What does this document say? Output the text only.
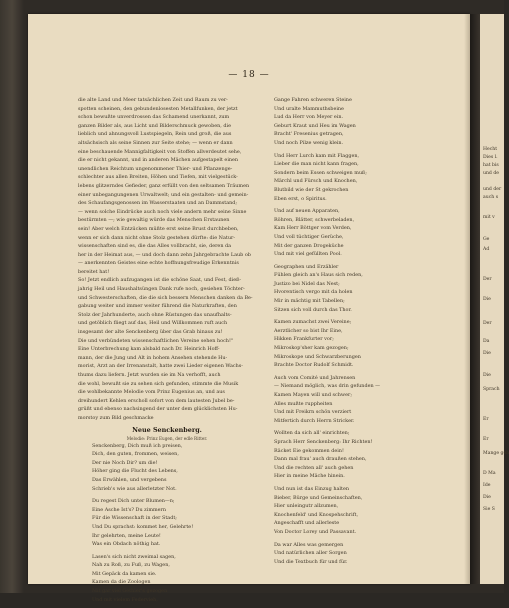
— 18 —
die alte Land und Meer tatsächlichen Zeit und Raum zu ver-
spotten scheinen, den gebundenlosesten Metallfunken, der jetzt
schon bewußte unverdrossen das Schamend unerkannt, zum
ganzen Bilder als, aus Licht und Bilderschmuck gewoben, die
lieblich und ahnungsvoll Lustspiegeln, Rein und groß, die aus
altsächsisch als seine Sinnen zur Seite stehe; — wenn er dann
eine beschauende Mannigfaltigkeit von Stoffen allverdeutet sehe,
die er nicht gekannt, und in anderen Mächen aufgestapelt einen
unendlichen Reichtum ungenommener Thier- und Pflanzenge-
schlechter aus allen Breiten, Höhen und Tiefen, mit vielgestück-
lebens glitzerndes Gefieder, ganz erfüllt von den seltsamen Träumen
einer unbegangungenen Urwaltwelt; und ein gestalten- und gemein-
des Schaufangsgenossen im Wasserstaaten und an Dammstand;
— wenn solche Eindrücke auch noch viele andern mehr seine Sinne
bestürmten —; wie gewaltig würde das Menschen Erstaunen
sein! Aber welch Entzücken müßte erst seine Brust durchbeben,
wenn er sich dann nicht ohne Stolz gestehen dürfte: die Natur-
wissenschaften sind es, die das Alles vollbracht, sie, deren da
her in der Heimat aus, — und doch dann zehn Jahrgebrachte Laub ob
— anerkennten Geistes eine echte hoffnungsfreudige Erkenntnis
bereitet hat!
So! Jetzt endlich aufzugangen ist die schöne Saat, und Fest, dieß-
jahrig Heil und Haushaltsüngen Dank rufe noch, gesiehen Töchter-
und Schwesterschaften, die die sich bessern Menschen danken da Be-
gabung weiter und immer weiter führend die Naturkraften, den
Stolz der Jahrhunderte, auch ohne Rüstungen das unaufhalts-
und getöblich fliegt auf das, Heil und Willkommen ruft auch
insgesamt der alte Senckenberg über das Grab hinaus zu!
Die und verbündeten wissenschaftlichen Vereine sehen hoch!"
Eine Unterbrechung kam alsbald nach Dr. Heinrich Hoff-
mann, der die Jung und Alt in hohem Ansehen stehende Hu-
morist, Arzt an der Irrenanstalt, hatte zwei Lieder eigenen Wachs-
thums dazu liefern. Jetzt wurden sie im Na verhofft, auch
die wohl, bewußt sie zu sehen sich gefunden, stimmte die Musik
die wohlbekannte Melodie vom Prinz Eugenius an, und aus
dreihundert Kehlen erscholl sofort von dem lautesten Jubel be-
grüßt und ebenso nachsingend der unter dem glücklichsten Hu-
morstoy zum Bild geschmacke
Neue Senckenberg.
Melodie: Prinz Eugen, der edle Ritter.
Senckenberg, Dich muß ich preisen,
Dich, den guten, frommen, weisen,
Der nie Noch Dir? um die!
Höher ging die Flucht des Lebens,
Das Erwählen, und vergebens
Schrieb's wie aus allerletzter Not.
Du regest Dich unter Blumen—n;
Eine Asche Ist's? Du zimmern
Für die Wissenschaft in der Stadt;
Und Du sprachst: kommet her, Gelehrte!
Ihr gelehrten, meine Leute!
Was ein Obdach nöthig hat.
Lasen's sich nicht zweimal sagen,
Nah zu Roß, zu Fuß, zu Wagen,
Mit Gepäck da kamen sie.
Kamen da die Zoologen
Mit gar viel Gethier's gezogen
Und mit vielem Federvieh,
Gange Fahren schweren Steine
Und uralte Mammuthsbeine
Lud da Herr von Meyer ein.
Geburt Kraut und Heu im Wagen
Bracht' Fresenius getragen,
Und noch Pilze wenig klein.
Und Herr Lurch kam mit Flaggen,
Lieber die man nicht kann fragen,
Sondern beim Essen schweigen muß;
Märchl und Fürsch und Knochen,
Blutbild wie der St gekrochen
Eben erst, o Spiritus.
Und auf neuen Apparaten,
Röhren, Blätter, schwerbeladen,
Kam Herr Böttger vom Verden,
Und voll tüchtiger Gerüche,
Mit der ganzen Drogeküche
Und mit viel gefüllten Pool.
Geographen und Erzähler
Fühlen gleich an's Haus sich reden,
Justizo bei Nidel das Nest;
Hvorentisch vergo mit da holen
Mir in mächtig mit Tabellen;
Sitzen sich voll durch das Thor.
Kamen zumachst zwei Vereine;
Aerztlicher so bist Ihr Eine,
Hikken Frankfurter vor;
Mikroskop'sher kam gezogen;
Mikroskope und Schwarzberungen
Brachte Doctor Rudolf Schmidt.
Auch vom Comité und Jahrensen
— Niemand möglich, was drin gefunden —
Kamen Mayen will und schwer;
Alles mußte ruppheiten
Und mit Freikrn schön verziert
Mitfertich durch Herrn Stricker.
Wollten da sich all' einrichten;
Sprach Herr Senckenberg: Ihr Richten!
Räcket Eie gekommen dein!
Dann mal frau' auch draußen stehen,
Und die rechten all' auch gehen
Hier in meine Mäche hinein.
Und nun ist das Einzug halten
Bieber, Bürge und Gemeinschaften,
Hier unleingutr allzumen,
Knochenfeld' und Knospehschrift,
Angeschafft und allerleste
Von Doctor Lorey und Passavant.
Da war Alles was gemergen
Und natürlichen aller Sorgen
Und die Textbuch für und für.
Hecht
Dies l.
hat bis
und de
und der
auch s
mit v
Ge
Ad
Der
Die
Der
Da
Die
Die
Sprach
Er
Er
Mange geh
D Ma
Ide
Die
Sie S
